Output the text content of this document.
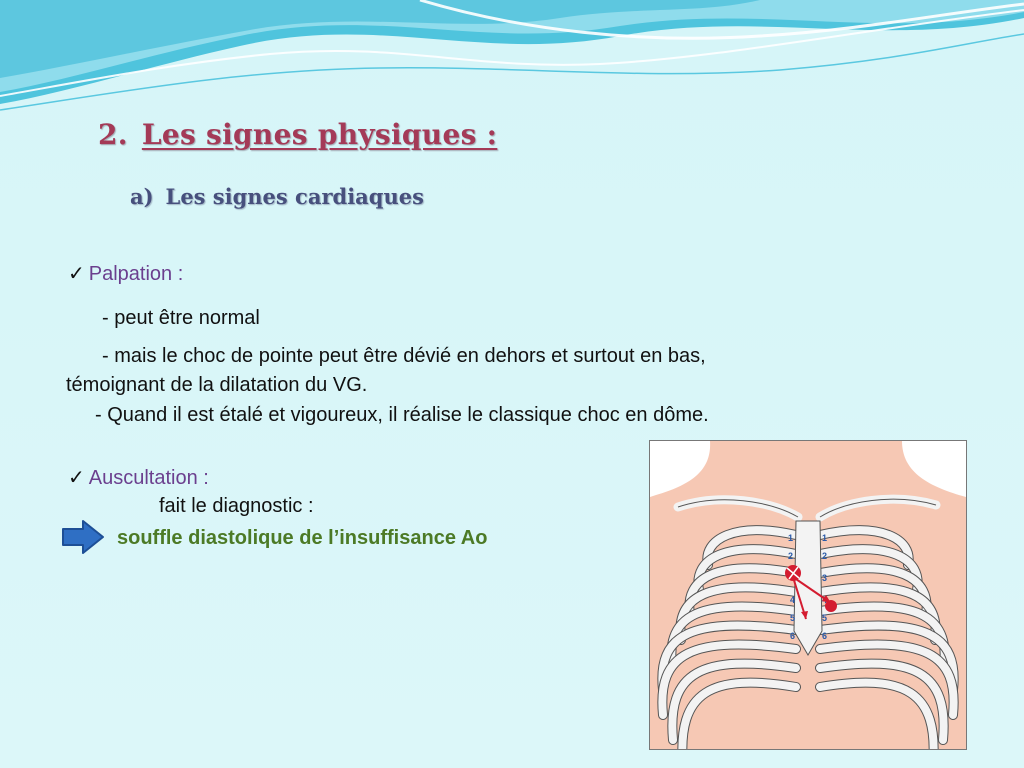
2. Les signes physiques :
a) Les signes cardiaques
✓ Palpation :
- peut être normal
- mais le choc de pointe peut être dévié en dehors et surtout en bas,
témoignant de la dilatation du VG.
- Quand il est étalé et vigoureux, il réalise le classique choc en dôme.
✓ Auscultation :
fait le diagnostic :
souffle diastolique de l’insuffisance Ao	1
2
4
5
6
1
2
3
5
6
